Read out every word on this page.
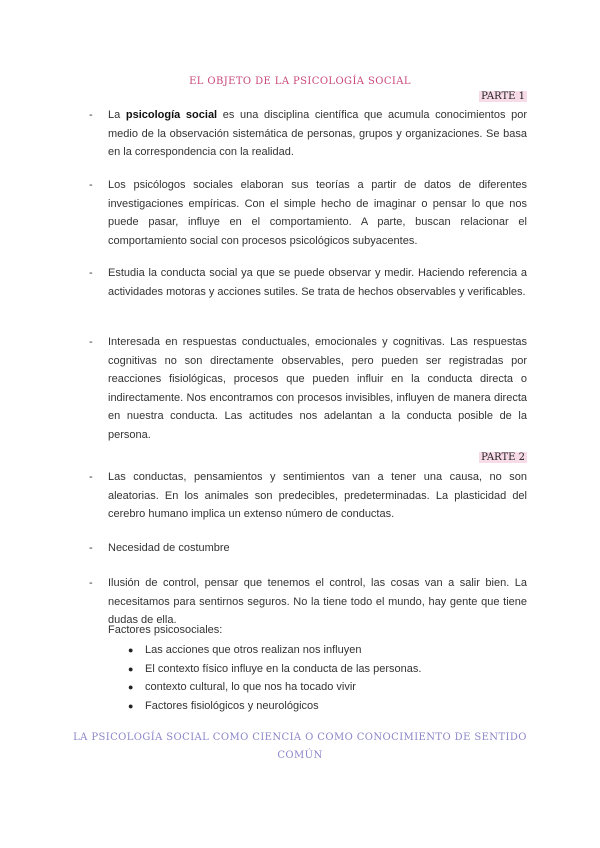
EL OBJETO DE LA PSICOLOGÍA SOCIAL
PARTE 1
- La psicología social es una disciplina científica que acumula conocimientos por medio de la observación sistemática de personas, grupos y organizaciones. Se basa en la correspondencia con la realidad.
- Los psicólogos sociales elaboran sus teorías a partir de datos de diferentes investigaciones empíricas. Con el simple hecho de imaginar o pensar lo que nos puede pasar, influye en el comportamiento. A parte, buscan relacionar el comportamiento social con procesos psicológicos subyacentes.
- Estudia la conducta social ya que se puede observar y medir. Haciendo referencia a actividades motoras y acciones sutiles. Se trata de hechos observables y verificables.
- Interesada en respuestas conductuales, emocionales y cognitivas. Las respuestas cognitivas no son directamente observables, pero pueden ser registradas por reacciones fisiológicas, procesos que pueden influir en la conducta directa o indirectamente. Nos encontramos con procesos invisibles, influyen de manera directa en nuestra conducta. Las actitudes nos adelantan a la conducta posible de la persona.
PARTE 2
- Las conductas, pensamientos y sentimientos van a tener una causa, no son aleatorias. En los animales son predecibles, predeterminadas. La plasticidad del cerebro humano implica un extenso número de conductas.
- Necesidad de costumbre
- Ilusión de control, pensar que tenemos el control, las cosas van a salir bien. La necesitamos para sentirnos seguros. No la tiene todo el mundo, hay gente que tiene dudas de ella.
Factores psicosociales:
● Las acciones que otros realizan nos influyen
● El contexto físico influye en la conducta de las personas.
● contexto cultural, lo que nos ha tocado vivir
● Factores fisiológicos y neurológicos
LA PSICOLOGÍA SOCIAL COMO CIENCIA O COMO CONOCIMIENTO DE SENTIDO
COMÚN
